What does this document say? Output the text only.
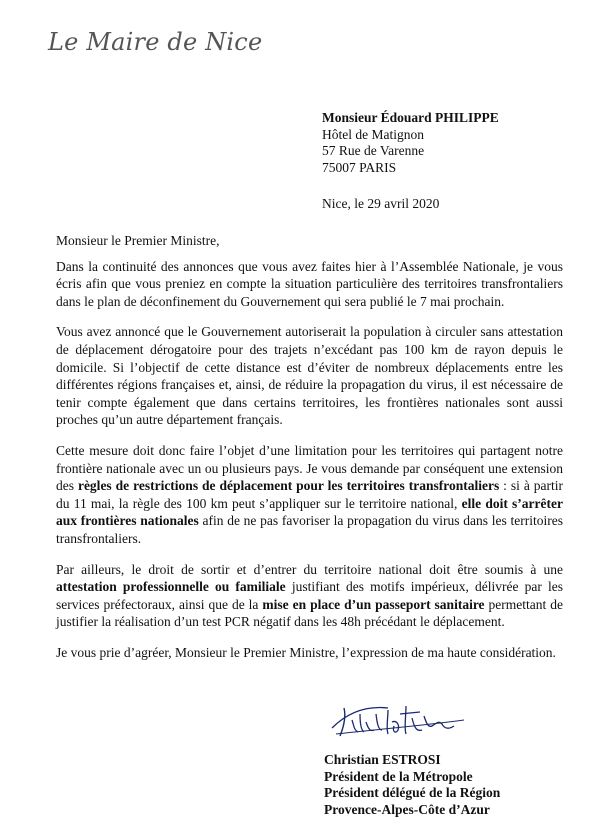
Le Maire de Nice
Monsieur Édouard PHILIPPE
Hôtel de Matignon
57 Rue de Varenne
75007 PARIS
Nice, le 29 avril 2020

Monsieur le Premier Ministre,

Dans la continuité des annonces que vous avez faites hier à l’Assemblée Nationale, je vous écris afin que vous preniez en compte la situation particulière des territoires transfrontaliers dans le plan de déconfinement du Gouvernement qui sera publié le 7 mai prochain.

Vous avez annoncé que le Gouvernement autoriserait la population à circuler sans attestation de déplacement dérogatoire pour des trajets n’excédant pas 100 km de rayon depuis le domicile. Si l’objectif de cette distance est d’éviter de nombreux déplacements entre les différentes régions françaises et, ainsi, de réduire la propagation du virus, il est nécessaire de tenir compte également que dans certains territoires, les frontières nationales sont aussi proches qu’un autre département français.

Cette mesure doit donc faire l’objet d’une limitation pour les territoires qui partagent notre frontière nationale avec un ou plusieurs pays. Je vous demande par conséquent une extension des règles de restrictions de déplacement pour les territoires transfrontaliers : si à partir du 11 mai, la règle des 100 km peut s’appliquer sur le territoire national, elle doit s’arrêter aux frontières nationales afin de ne pas favoriser la propagation du virus dans les territoires transfrontaliers.

Par ailleurs, le droit de sortir et d’entrer du territoire national doit être soumis à une attestation professionnelle ou familiale justifiant des motifs impérieux, délivrée par les services préfectoraux, ainsi que de la mise en place d’un passeport sanitaire permettant de justifier la réalisation d’un test PCR négatif dans les 48h précédant le déplacement.

Je vous prie d’agréer, Monsieur le Premier Ministre, l’expression de ma haute considération.

Christian ESTROSI
Président de la Métropole
Président délégué de la Région
Provence-Alpes-Côte d’Azur
